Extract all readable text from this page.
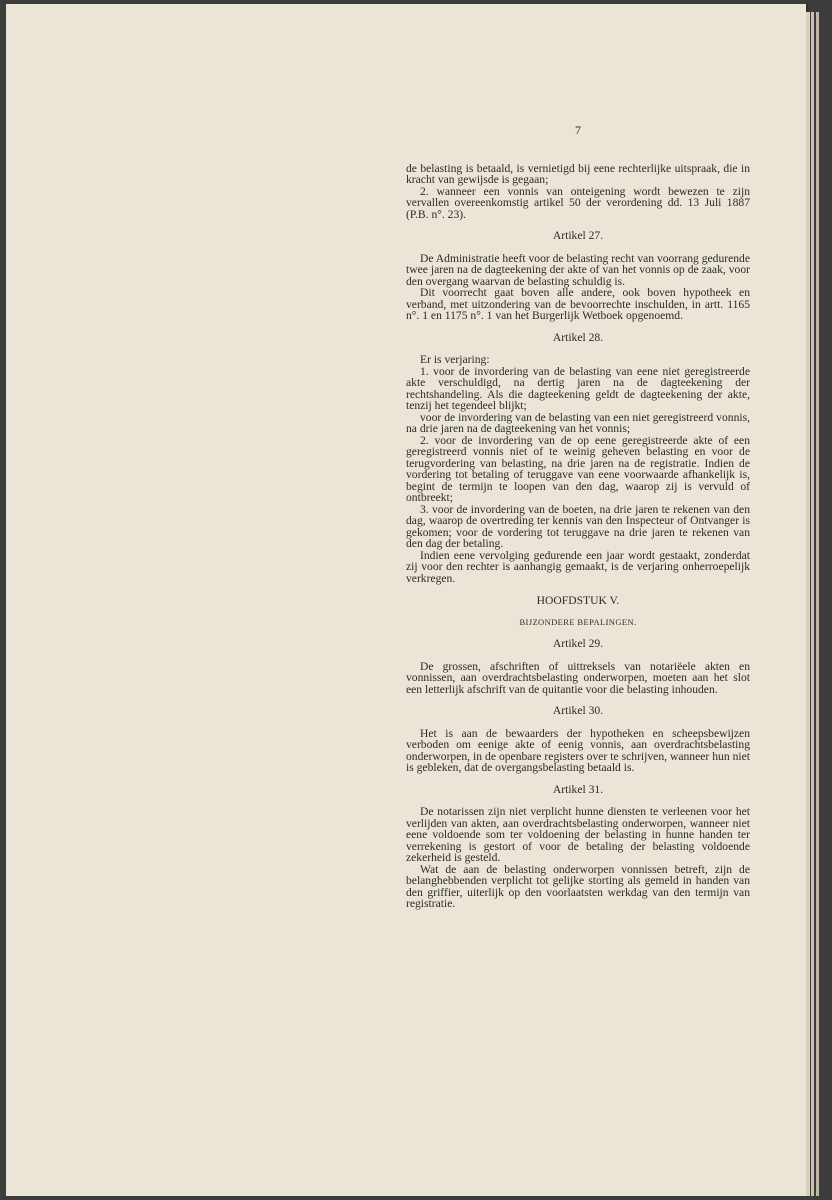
7

de belasting is betaald, is vernietigd bij eene rechterlijke uitspraak, die in kracht van gewijsde is gegaan;

2. wanneer een vonnis van onteigening wordt bewezen te zijn vervallen overeenkomstig artikel 50 der verordening dd. 13 Juli 1887 (P.B. n°. 23).

Artikel 27.

De Administratie heeft voor de belasting recht van voorrang gedurende twee jaren na de dagteekening der akte of van het vonnis op de zaak, voor den overgang waarvan de belasting schuldig is.

Dit voorrecht gaat boven alle andere, ook boven hypotheek en verband, met uitzondering van de bevoorrechte inschulden, in artt. 1165 n°. 1 en 1175 n°. 1 van het Burgerlijk Wetboek opgenoemd.

Artikel 28.

Er is verjaring:

1. voor de invordering van de belasting van eene niet geregistreerde akte verschuldigd, na dertig jaren na de dagteekening der rechtshandeling. Als die dagteekening geldt de dagteekening der akte, tenzij het tegendeel blijkt;

voor de invordering van de belasting van een niet geregistreerd vonnis, na drie jaren na de dagteekening van het vonnis;

2. voor de invordering van de op eene geregistreerde akte of een geregistreerd vonnis niet of te weinig geheven belasting en voor de terugvordering van belasting, na drie jaren na de registratie. Indien de vordering tot betaling of teruggave van eene voorwaarde afhankelijk is, begint de termijn te loopen van den dag, waarop zij is vervuld of ontbreekt;

3. voor de invordering van de boeten, na drie jaren te rekenen van den dag, waarop de overtreding ter kennis van den Inspecteur of Ontvanger is gekomen; voor de vordering tot teruggave na drie jaren te rekenen van den dag der betaling.

Indien eene vervolging gedurende een jaar wordt gestaakt, zonderdat zij voor den rechter is aanhangig gemaakt, is de verjaring onherroepelijk verkregen.

HOOFDSTUK V.
BIJZONDERE BEPALINGEN.
Artikel 29.

De grossen, afschriften of uittreksels van notariëele akten en vonnissen, aan overdrachtsbelasting onderworpen, moeten aan het slot een letterlijk afschrift van de quitantie voor die belasting inhouden.

Artikel 30.

Het is aan de bewaarders der hypotheken en scheepsbewijzen verboden om eenige akte of eenig vonnis, aan overdrachtsbelasting onderworpen, in de openbare registers over te schrijven, wanneer hun niet is gebleken, dat de overgangsbelasting betaald is.

Artikel 31.

De notarissen zijn niet verplicht hunne diensten te verleenen voor het verlijden van akten, aan overdrachtsbelasting onderworpen, wanneer niet eene voldoende som ter voldoening der belasting in hunne handen ter verrekening is gestort of voor de betaling der belasting voldoende zekerheid is gesteld.

Wat de aan de belasting onderworpen vonnissen betreft, zijn de belanghebbenden verplicht tot gelijke storting als gemeld in handen van den griffier, uiterlijk op den voorlaatsten werkdag van den termijn van registratie.
